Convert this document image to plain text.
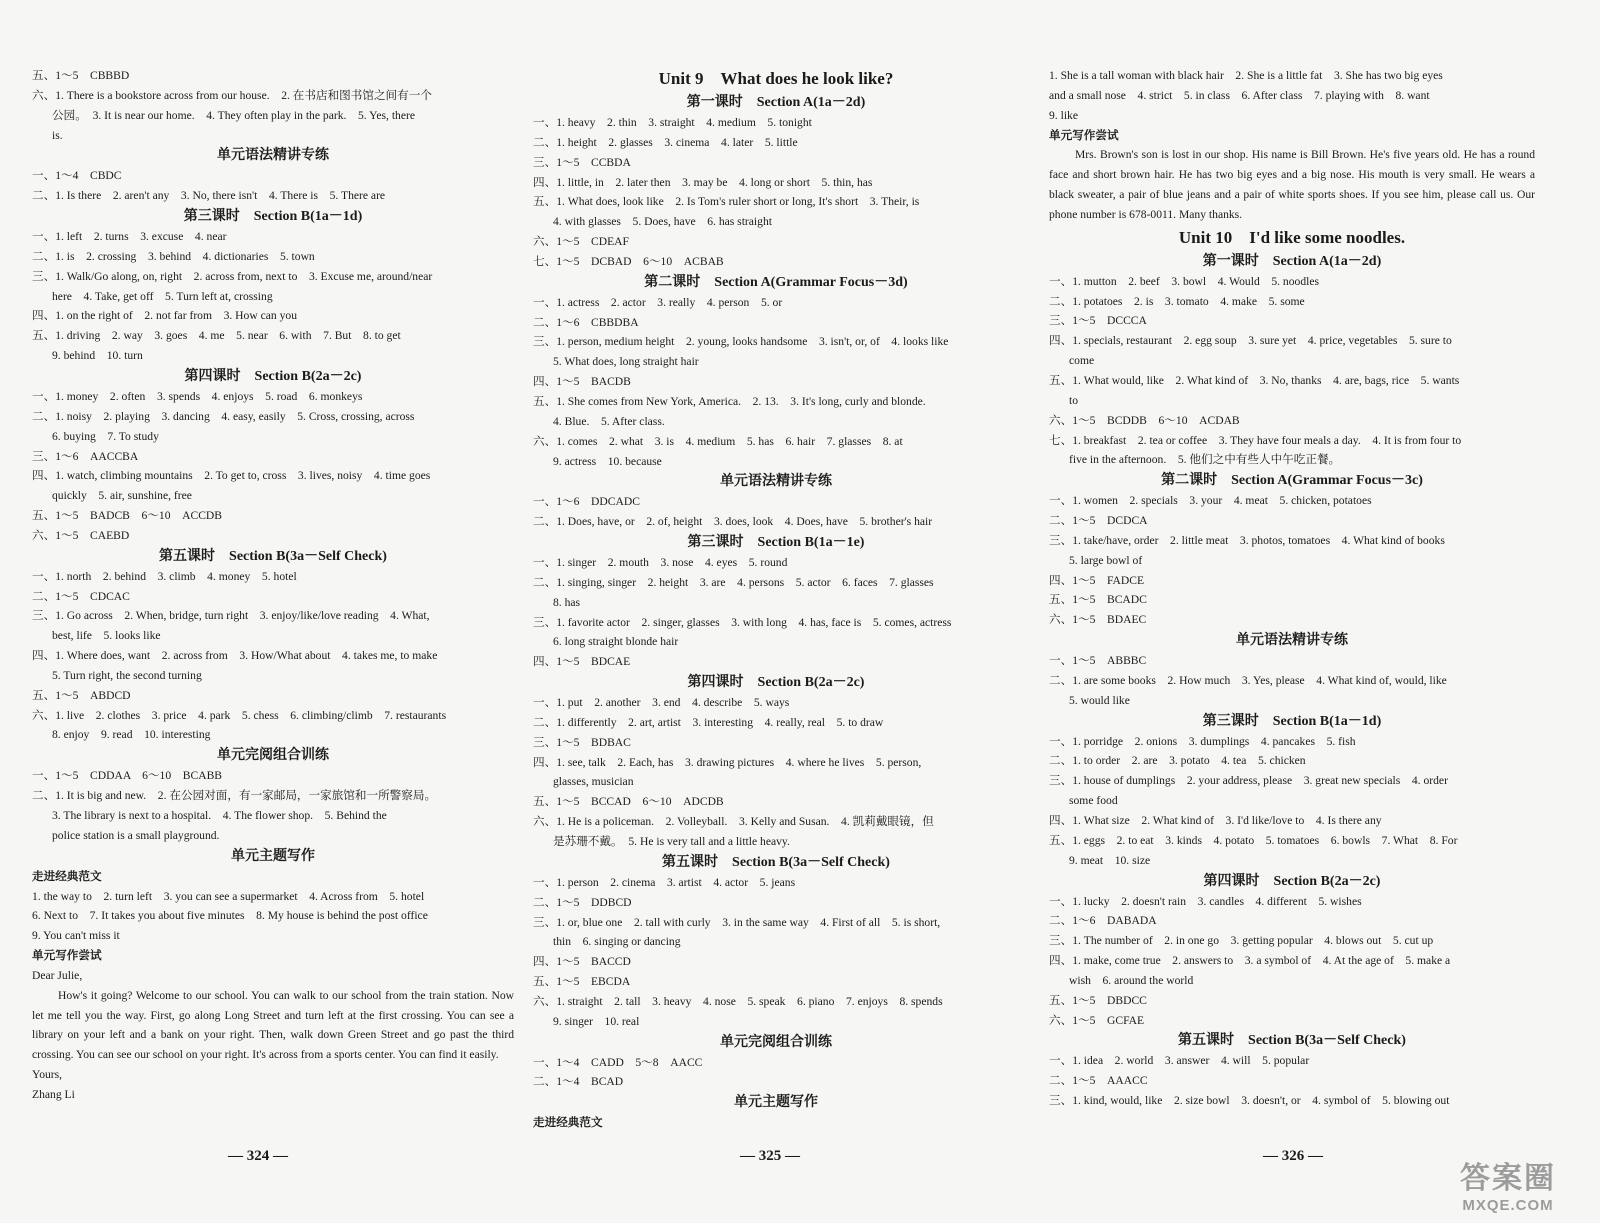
五、1～5　CBBBD
六、1. There is a bookstore across from our house.　2. 在书店和图书馆之间有一个
公园。　3. It is near our home.　4. They often play in the park.　5. Yes, there
is.
单元语法精讲专练
一、1～4　CBDC
二、1. Is there　2. aren't any　3. No, there isn't　4. There is　5. There are
第三课时　Section B(1a－1d)
一、1. left　2. turns　3. excuse　4. near
二、1. is　2. crossing　3. behind　4. dictionaries　5. town
三、1. Walk/Go along, on, right　2. across from, next to　3. Excuse me, around/near
here　4. Take, get off　5. Turn left at, crossing
四、1. on the right of　2. not far from　3. How can you
五、1. driving　2. way　3. goes　4. me　5. near　6. with　7. But　8. to get
9. behind　10. turn
第四课时　Section B(2a－2c)
一、1. money　2. often　3. spends　4. enjoys　5. road　6. monkeys
二、1. noisy　2. playing　3. dancing　4. easy, easily　5. Cross, crossing, across
6. buying　7. To study
三、1～6　AACCBA
四、1. watch, climbing mountains　2. To get to, cross　3. lives, noisy　4. time goes
quickly　5. air, sunshine, free
五、1～5　BADCB　6～10　ACCDB
六、1～5　CAEBD
第五课时　Section B(3a－Self Check)
一、1. north　2. behind　3. climb　4. money　5. hotel
二、1～5　CDCAC
三、1. Go across　2. When, bridge, turn right　3. enjoy/like/love reading　4. What,
best, life　5. looks like
四、1. Where does, want　2. across from　3. How/What about　4. takes me, to make
5. Turn right, the second turning
五、1～5　ABDCD
六、1. live　2. clothes　3. price　4. park　5. chess　6. climbing/climb　7. restaurants
8. enjoy　9. read　10. interesting
单元完阅组合训练
一、1～5　CDDAA　6～10　BCABB
二、1. It is big and new.　2. 在公园对面，有一家邮局，一家旅馆和一所警察局。
3. The library is next to a hospital.　4. The flower shop.　5. Behind the
police station is a small playground.
单元主题写作
走进经典范文
1. the way to　2. turn left　3. you can see a supermarket　4. Across from　5. hotel
6. Next to　7. It takes you about five minutes　8. My house is behind the post office
9. You can't miss it
单元写作尝试
Dear Julie,
How's it going? Welcome to our school. You can walk to our school from the train station. Now let me tell you the way. First, go along Long Street and turn left at the first crossing. You can see a library on your left and a bank on your right. Then, walk down Green Street and go past the third crossing. You can see our school on your right. It's across from a sports center. You can find it easily.
Yours,
Zhang Li
Unit 9　What does he look like?
第一课时　Section A(1a－2d)
一、1. heavy　2. thin　3. straight　4. medium　5. tonight
二、1. height　2. glasses　3. cinema　4. later　5. little
三、1～5　CCBDA
四、1. little, in　2. later then　3. may be　4. long or short　5. thin, has
五、1. What does, look like　2. Is Tom's ruler short or long, It's short　3. Their, is
4. with glasses　5. Does, have　6. has straight
六、1～5　CDEAF
七、1～5　DCBAD　6～10　ACBAB
第二课时　Section A(Grammar Focus－3d)
一、1. actress　2. actor　3. really　4. person　5. or
二、1～6　CBBDBA
三、1. person, medium height　2. young, looks handsome　3. isn't, or, of　4. looks like
5. What does, long straight hair
四、1～5　BACDB
五、1. She comes from New York, America.　2. 13.　3. It's long, curly and blonde.
4. Blue.　5. After class.
六、1. comes　2. what　3. is　4. medium　5. has　6. hair　7. glasses　8. at
9. actress　10. because
单元语法精讲专练
一、1～6　DDCADC
二、1. Does, have, or　2. of, height　3. does, look　4. Does, have　5. brother's hair
第三课时　Section B(1a－1e)
一、1. singer　2. mouth　3. nose　4. eyes　5. round
二、1. singing, singer　2. height　3. are　4. persons　5. actor　6. faces　7. glasses
8. has
三、1. favorite actor　2. singer, glasses　3. with long　4. has, face is　5. comes, actress
6. long straight blonde hair
四、1～5　BDCAE
第四课时　Section B(2a－2c)
一、1. put　2. another　3. end　4. describe　5. ways
二、1. differently　2. art, artist　3. interesting　4. really, real　5. to draw
三、1～5　BDBAC
四、1. see, talk　2. Each, has　3. drawing pictures　4. where he lives　5. person,
glasses, musician
五、1～5　BCCAD　6～10　ADCDB
六、1. He is a policeman.　2. Volleyball.　3. Kelly and Susan.　4. 凯莉戴眼镜，但
是苏珊不戴。　5. He is very tall and a little heavy.
第五课时　Section B(3a－Self Check)
一、1. person　2. cinema　3. artist　4. actor　5. jeans
二、1～5　DDBCD
三、1. or, blue one　2. tall with curly　3. in the same way　4. First of all　5. is short,
thin　6. singing or dancing
四、1～5　BACCD
五、1～5　EBCDA
六、1. straight　2. tall　3. heavy　4. nose　5. speak　6. piano　7. enjoys　8. spends
9. singer　10. real
单元完阅组合训练
一、1～4　CADD　5～8　AACC
二、1～4　BCAD
单元主题写作
走进经典范文
1. She is a tall woman with black hair　2. She is a little fat　3. She has two big eyes
and a small nose　4. strict　5. in class　6. After class　7. playing with　8. want
9. like
单元写作尝试
Mrs. Brown's son is lost in our shop. His name is Bill Brown. He's five years old. He has a round face and short brown hair. He has two big eyes and a big nose. His mouth is very small. He wears a black sweater, a pair of blue jeans and a pair of white sports shoes. If you see him, please call us. Our phone number is 678-0011. Many thanks.
Unit 10　I'd like some noodles.
第一课时　Section A(1a－2d)
一、1. mutton　2. beef　3. bowl　4. Would　5. noodles
二、1. potatoes　2. is　3. tomato　4. make　5. some
三、1～5　DCCCA
四、1. specials, restaurant　2. egg soup　3. sure yet　4. price, vegetables　5. sure to
come
五、1. What would, like　2. What kind of　3. No, thanks　4. are, bags, rice　5. wants
to
六、1～5　BCDDB　6～10　ACDAB
七、1. breakfast　2. tea or coffee　3. They have four meals a day.　4. It is from four to
five in the afternoon.　5. 他们之中有些人中午吃正餐。
第二课时　Section A(Grammar Focus－3c)
一、1. women　2. specials　3. your　4. meat　5. chicken, potatoes
二、1～5　DCDCA
三、1. take/have, order　2. little meat　3. photos, tomatoes　4. What kind of books
5. large bowl of
四、1～5　FADCE
五、1～5　BCADC
六、1～5　BDAEC
单元语法精讲专练
一、1～5　ABBBC
二、1. are some books　2. How much　3. Yes, please　4. What kind of, would, like
5. would like
第三课时　Section B(1a－1d)
一、1. porridge　2. onions　3. dumplings　4. pancakes　5. fish
二、1. to order　2. are　3. potato　4. tea　5. chicken
三、1. house of dumplings　2. your address, please　3. great new specials　4. order
some food
四、1. What size　2. What kind of　3. I'd like/love to　4. Is there any
五、1. eggs　2. to eat　3. kinds　4. potato　5. tomatoes　6. bowls　7. What　8. For
9. meat　10. size
第四课时　Section B(2a－2c)
一、1. lucky　2. doesn't rain　3. candles　4. different　5. wishes
二、1～6　DABADA
三、1. The number of　2. in one go　3. getting popular　4. blows out　5. cut up
四、1. make, come true　2. answers to　3. a symbol of　4. At the age of　5. make a
wish　6. around the world
五、1～5　DBDCC
六、1～5　GCFAE
第五课时　Section B(3a－Self Check)
一、1. idea　2. world　3. answer　4. will　5. popular
二、1～5　AAACC
三、1. kind, would, like　2. size bowl　3. doesn't, or　4. symbol of　5. blowing out
— 324 —	— 325 —	— 326 —
答案圈
MXQE.COM
